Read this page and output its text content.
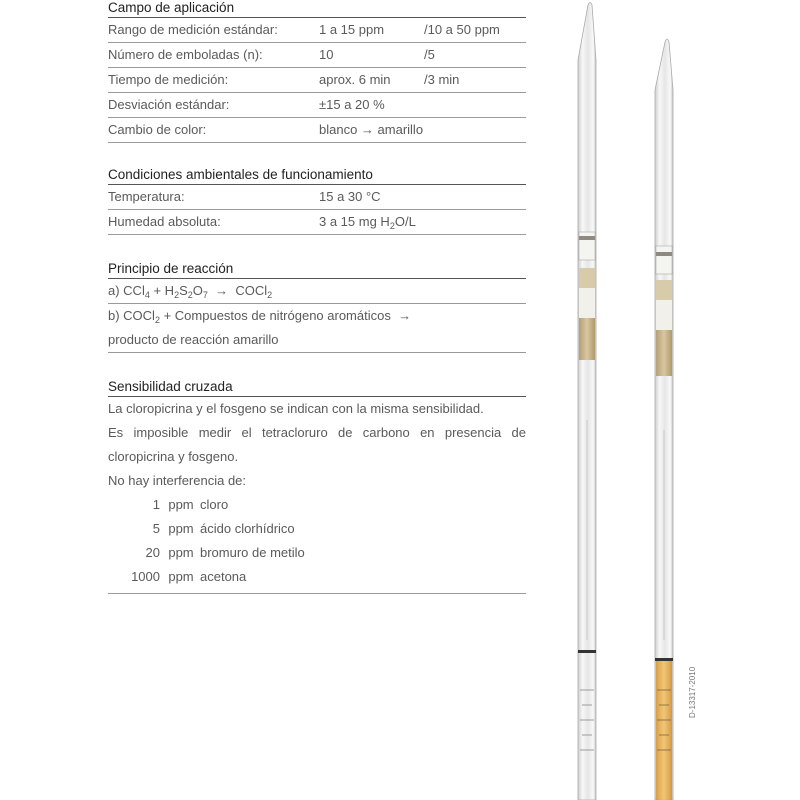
Campo de aplicación
Rango de medición estándar:	1 a 15 ppm	/10 a 50 ppm
Número de emboladas (n):	10	/5
Tiempo de medición:	aprox. 6 min	/3 min
Desviación estándar:	±15 a 20 %
Cambio de color:	blanco → amarillo
Condiciones ambientales de funcionamiento
Temperatura:	15 a 30 °C
Humedad absoluta:	3 a 15 mg $H_2O/L$
Principio de reacción
a) $CCl_4 + H_2S_2O_7$  →  COCl$_2$
b) COCl$_2$ + Compuestos de nitrógeno aromáticos  →
producto de reacción amarillo
Sensibilidad cruzada
La cloropicrina y el fosgeno se indican con la misma sensibilidad.
Es imposible medir el tetracloruro de carbono en presencia de cloropicrina y fosgeno.
No hay interferencia de:
1 ppm cloro
5 ppm ácido clorhídrico
20 ppm bromuro de metilo
1000 ppm acetona
D-13317-2010
